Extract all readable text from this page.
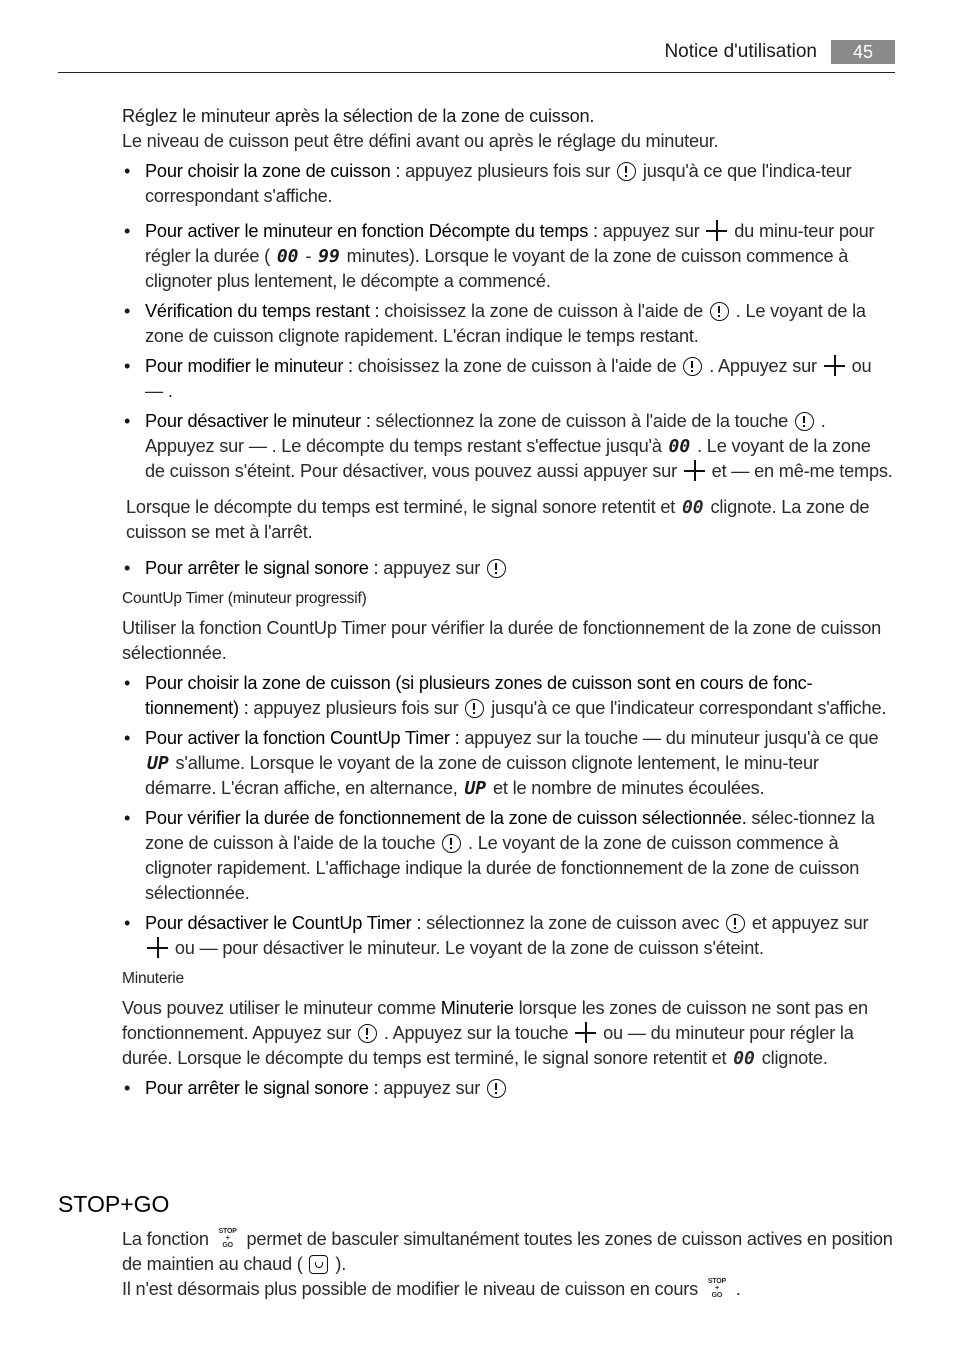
Notice d'utilisation	45

Réglez le minuteur après la sélection de la zone de cuisson.

Le niveau de cuisson peut être défini avant ou après le réglage du minuteur.

• Pour choisir la zone de cuisson : appuyez plusieurs fois sur  jusqu'à ce que l'indica-teur correspondant s'affiche.
• Pour activer le minuteur en fonction Décompte du temps : appuyez sur  du minu-teur pour régler la durée ( 00 - 99 minutes). Lorsque le voyant de la zone de cuisson commence à clignoter plus lentement, le décompte a commencé.
• Vérification du temps restant : choisissez la zone de cuisson à l'aide de  . Le voyant de la zone de cuisson clignote rapidement. L'écran indique le temps restant.
• Pour modifier le minuteur : choisissez la zone de cuisson à l'aide de  . Appuyez sur  ou — .
• Pour désactiver le minuteur : sélectionnez la zone de cuisson à l'aide de la touche  . Appuyez sur — . Le décompte du temps restant s'effectue jusqu'à 00 . Le voyant de la zone de cuisson s'éteint. Pour désactiver, vous pouvez aussi appuyer sur  et — en mê-me temps.

Lorsque le décompte du temps est terminé, le signal sonore retentit et 00 clignote. La zone de cuisson se met à l'arrêt.

• Pour arrêter le signal sonore : appuyez sur

CountUp Timer (minuteur progressif)

Utiliser la fonction CountUp Timer pour vérifier la durée de fonctionnement de la zone de cuisson sélectionnée.

• Pour choisir la zone de cuisson (si plusieurs zones de cuisson sont en cours de fonc-tionnement) : appuyez plusieurs fois sur  jusqu'à ce que l'indicateur correspondant s'affiche.
• Pour activer la fonction CountUp Timer : appuyez sur la touche — du minuteur jusqu'à ce que UP s'allume. Lorsque le voyant de la zone de cuisson clignote lentement, le minu-teur démarre. L'écran affiche, en alternance, UP et le nombre de minutes écoulées.
• Pour vérifier la durée de fonctionnement de la zone de cuisson sélectionnée. sélec-tionnez la zone de cuisson à l'aide de la touche  . Le voyant de la zone de cuisson commence à clignoter rapidement. L'affichage indique la durée de fonctionnement de la zone de cuisson sélectionnée.
• Pour désactiver le CountUp Timer : sélectionnez la zone de cuisson avec  et appuyez sur  ou — pour désactiver le minuteur. Le voyant de la zone de cuisson s'éteint.

Minuterie

Vous pouvez utiliser le minuteur comme Minuterie lorsque les zones de cuisson ne sont pas en fonctionnement. Appuyez sur  . Appuyez sur la touche  ou — du minuteur pour régler la durée. Lorsque le décompte du temps est terminé, le signal sonore retentit et 00 clignote.

• Pour arrêter le signal sonore : appuyez sur
STOP+GO

La fonction STOP
+
GO permet de basculer simultanément toutes les zones de cuisson actives en position de maintien au chaud (  ).

Il n'est désormais plus possible de modifier le niveau de cuisson en cours STOP
+
GO .
